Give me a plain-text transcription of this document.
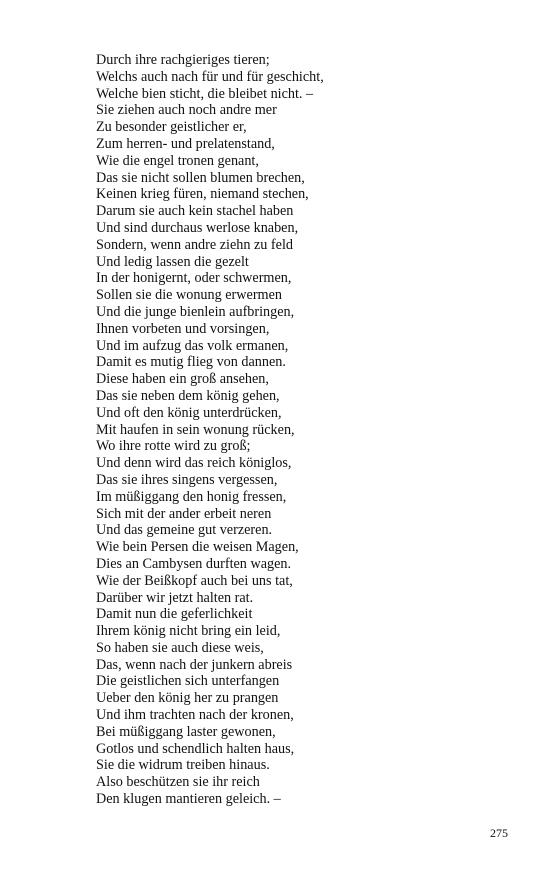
Durch ihre rachgieriges tieren;
Welchs auch nach für und für geschicht,
Welche bien sticht, die bleibet nicht. –
Sie ziehen auch noch andre mer
Zu besonder geistlicher er,
Zum herren- und prelatenstand,
Wie die engel tronen genant,
Das sie nicht sollen blumen brechen,
Keinen krieg füren, niemand stechen,
Darum sie auch kein stachel haben
Und sind durchaus werlose knaben,
Sondern, wenn andre ziehn zu feld
Und ledig lassen die gezelt
In der honigernt, oder schwermen,
Sollen sie die wonung erwermen
Und die junge bienlein aufbringen,
Ihnen vorbeten und vorsingen,
Und im aufzug das volk ermanen,
Damit es mutig flieg von dannen.
Diese haben ein groß ansehen,
Das sie neben dem könig gehen,
Und oft den könig unterdrücken,
Mit haufen in sein wonung rücken,
Wo ihre rotte wird zu groß;
Und denn wird das reich königlos,
Das sie ihres singens vergessen,
Im müßiggang den honig fressen,
Sich mit der ander erbeit neren
Und das gemeine gut verzeren.
Wie bein Persen die weisen Magen,
Dies an Cambysen durften wagen.
Wie der Beißkopf auch bei uns tat,
Darüber wir jetzt halten rat.
Damit nun die geferlichkeit
Ihrem könig nicht bring ein leid,
So haben sie auch diese weis,
Das, wenn nach der junkern abreis
Die geistlichen sich unterfangen
Ueber den könig her zu prangen
Und ihm trachten nach der kronen,
Bei müßiggang laster gewonen,
Gotlos und schendlich halten haus,
Sie die widrum treiben hinaus.
Also beschützen sie ihr reich
Den klugen mantieren geleich. –
275
